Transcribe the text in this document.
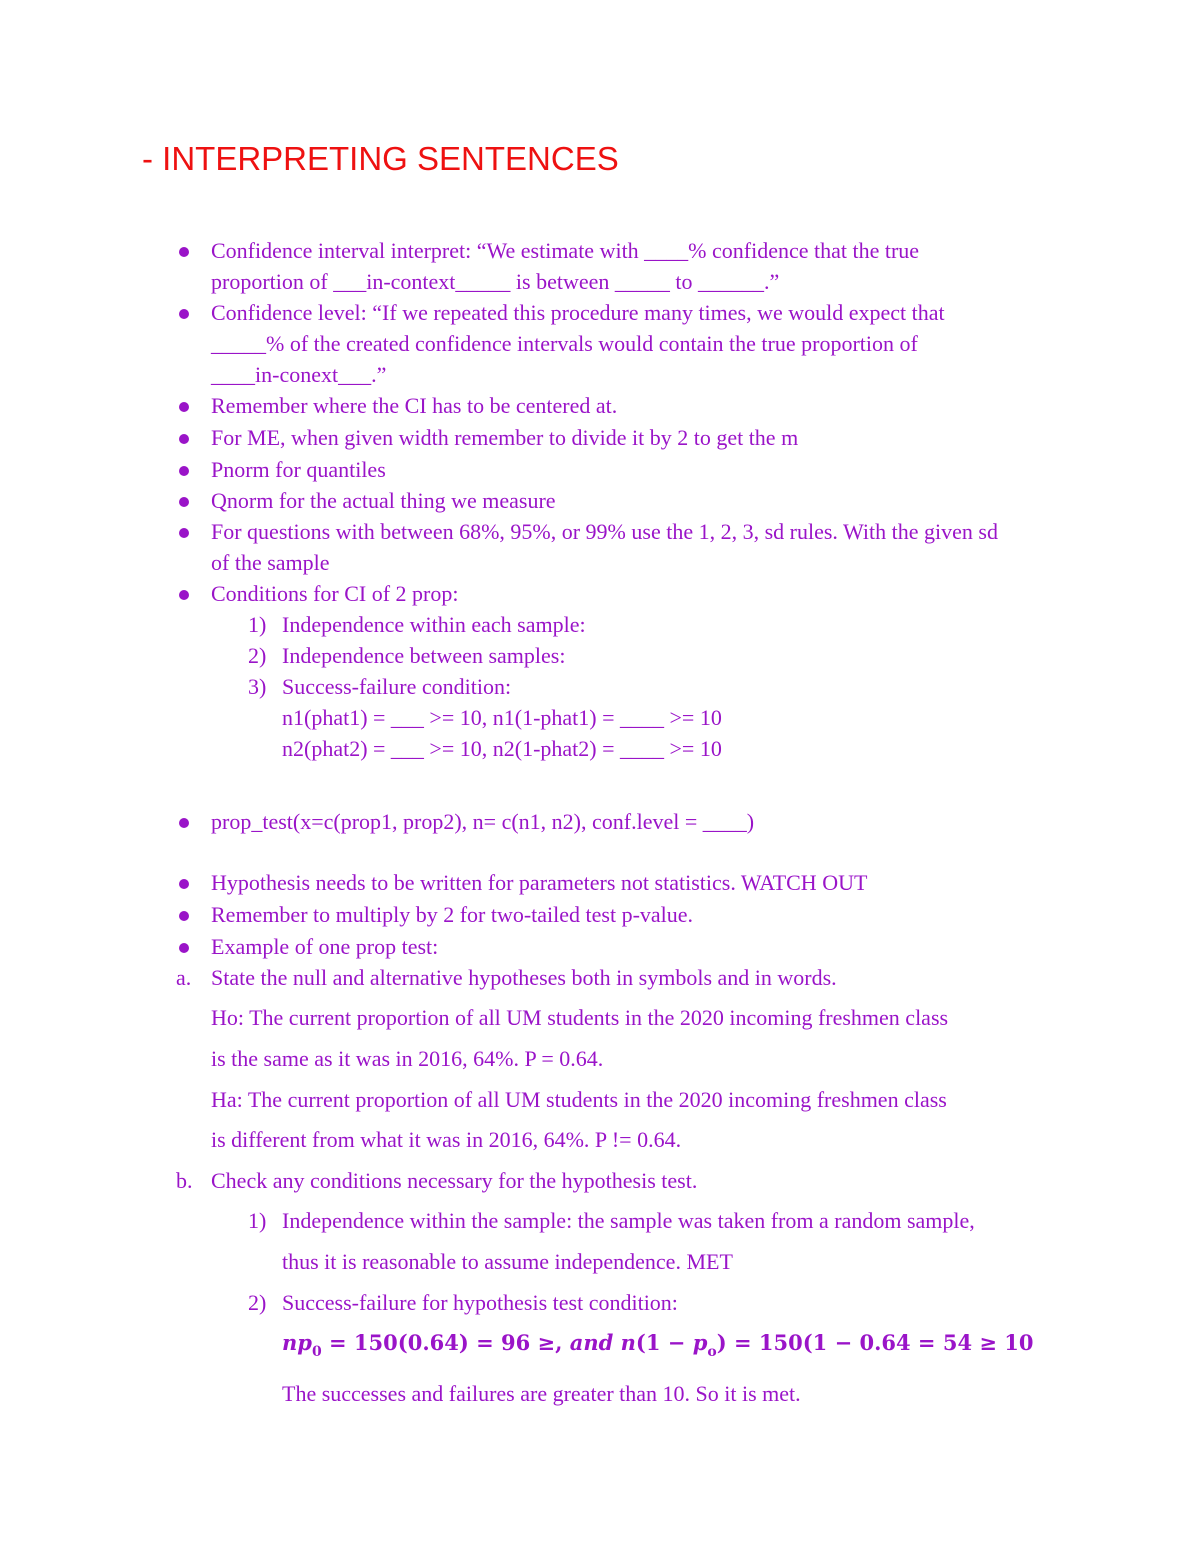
- INTERPRETING SENTENCES
Confidence interval interpret: “We estimate with ____% confidence that the true
proportion of ___in-context_____ is between _____ to ______.”
Confidence level: “If we repeated this procedure many times, we would expect that
_____% of the created confidence intervals would contain the true proportion of
____in-conext___.”
Remember where the CI has to be centered at.
For ME, when given width remember to divide it by 2 to get the m
Pnorm for quantiles
Qnorm for the actual thing we measure
For questions with between 68%, 95%, or 99% use the 1, 2, 3, sd rules. With the given sd
of the sample
Conditions for CI of 2 prop:
1) Independence within each sample:
2) Independence between samples:
3) Success-failure condition:
n1(phat1) = ___ >= 10, n1(1-phat1) = ____ >= 10
n2(phat2) = ___ >= 10, n2(1-phat2) = ____ >= 10
prop_test(x=c(prop1, prop2), n= c(n1, n2), conf.level = ____)
Hypothesis needs to be written for parameters not statistics. WATCH OUT
Remember to multiply by 2 for two-tailed test p-value.
Example of one prop test:
a. State the null and alternative hypotheses both in symbols and in words.
Ho: The current proportion of all UM students in the 2020 incoming freshmen class
is the same as it was in 2016, 64%. P = 0.64.
Ha: The current proportion of all UM students in the 2020 incoming freshmen class
is different from what it was in 2016, 64%. P != 0.64.
b. Check any conditions necessary for the hypothesis test.
1) Independence within the sample: the sample was taken from a random sample,
thus it is reasonable to assume independence. MET
2) Success-failure for hypothesis test condition:
$np_0 = 150(0.64) = 96$ ≥, and $n(1 - p_o) = 150(1 - 0.64 = 54 \ge 10$
The successes and failures are greater than 10. So it is met.
